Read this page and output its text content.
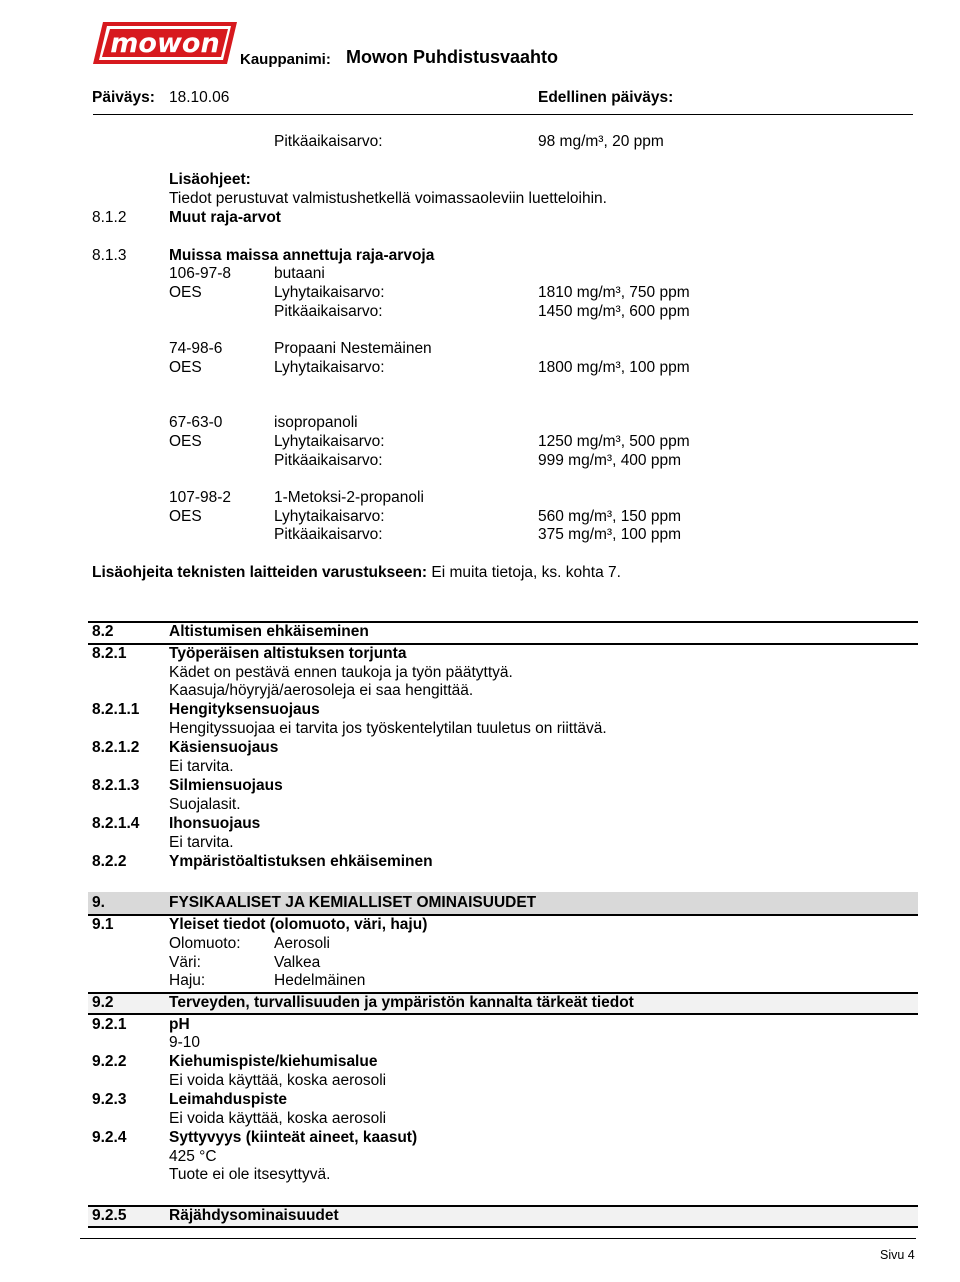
mowon
Kauppanimi: Mowon Puhdistusvaahto
Päiväys: 18.10.06	Edellinen päiväys:
Pitkäaikaisarvo:	98 mg/m³, 20 ppm
Lisäohjeet:
Tiedot perustuvat valmistushetkellä voimassaoleviin luetteloihin.
8.1.2	Muut raja-arvot
8.1.3	Muissa maissa annettuja raja-arvoja
106-97-8	butaani
OES	Lyhytaikaisarvo:	1810 mg/m³, 750 ppm
Pitkäaikaisarvo:	1450 mg/m³, 600 ppm
74-98-6	Propaani Nestemäinen
OES	Lyhytaikaisarvo:	1800 mg/m³, 100 ppm
67-63-0	isopropanoli
OES	Lyhytaikaisarvo:	1250 mg/m³, 500 ppm
Pitkäaikaisarvo:	999 mg/m³, 400 ppm
107-98-2	1-Metoksi-2-propanoli
OES	Lyhytaikaisarvo:	560 mg/m³, 150 ppm
Pitkäaikaisarvo:	375 mg/m³, 100 ppm
Lisäohjeita teknisten laitteiden varustukseen: Ei muita tietoja, ks. kohta 7.
8.2	Altistumisen ehkäiseminen
8.2.1	Työperäisen altistuksen torjunta
Kädet on pestävä ennen taukoja ja työn päätyttyä.
Kaasuja/höyryjä/aerosoleja ei saa hengittää.
8.2.1.1 Hengityksensuojaus
Hengityssuojaa ei tarvita jos työskentelytilan tuuletus on riittävä.
8.2.1.2 Käsiensuojaus
Ei tarvita.
8.2.1.3 Silmiensuojaus
Suojalasit.
8.2.1.4 Ihonsuojaus
Ei tarvita.
8.2.2	Ympäristöaltistuksen ehkäiseminen
9.	FYSIKAALISET JA KEMIALLISET OMINAISUUDET
9.1	Yleiset tiedot (olomuoto, väri, haju)
Olomuoto: Aerosoli
Väri:	Valkea
Haju:	Hedelmäinen
9.2	Terveyden, turvallisuuden ja ympäristön kannalta tärkeät tiedot
9.2.1	pH
9-10
9.2.2	Kiehumispiste/kiehumisalue
Ei voida käyttää, koska aerosoli
9.2.3	Leimahduspiste
Ei voida käyttää, koska aerosoli
9.2.4	Syttyvyys (kiinteät aineet, kaasut)
425 °C
Tuote ei ole itsesyttyvä.
9.2.5	Räjähdysominaisuudet
Sivu 4
